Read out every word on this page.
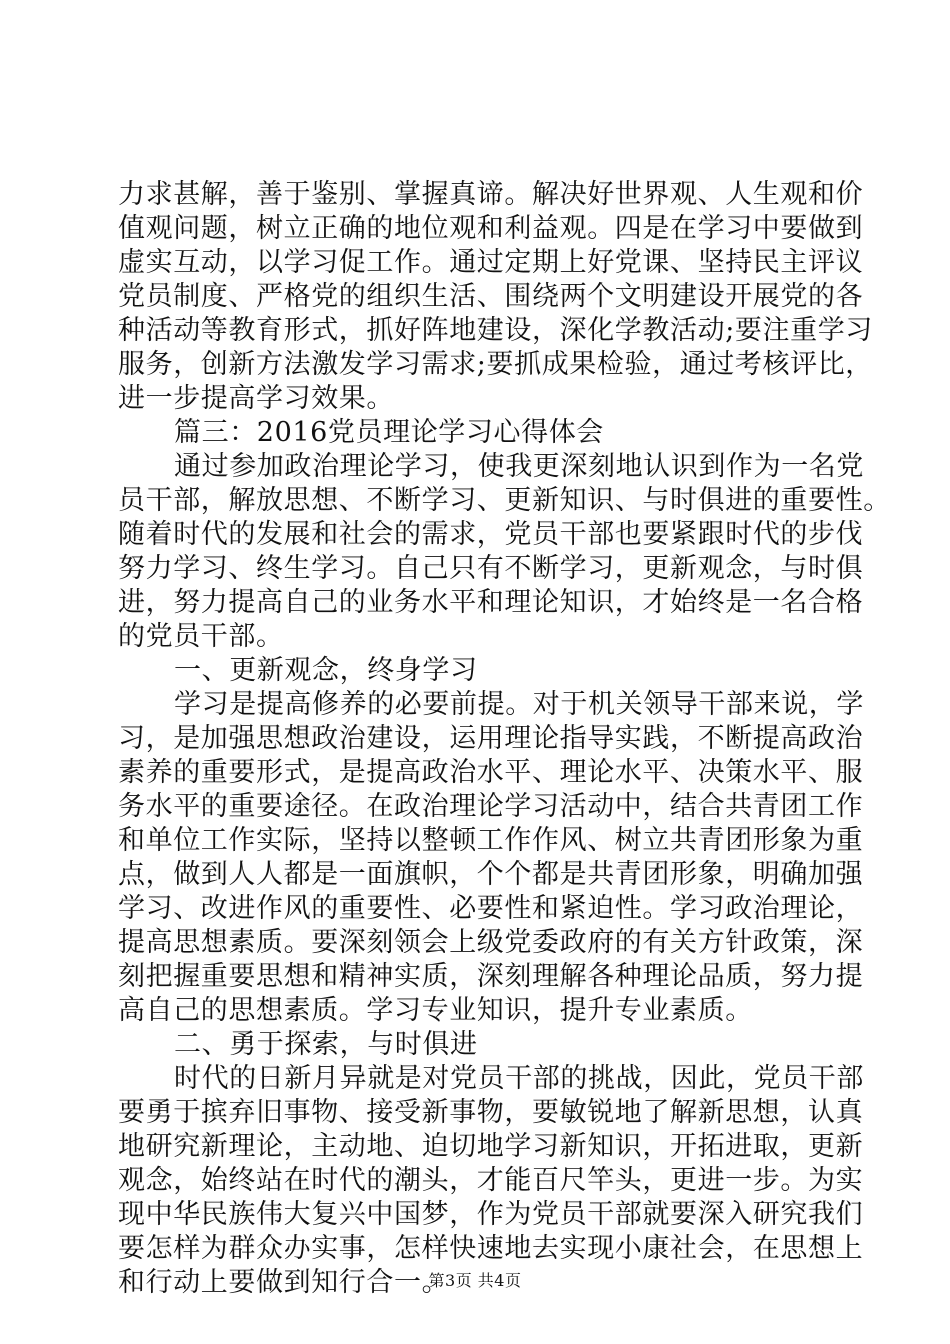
力求甚解，善于鉴别、掌握真谛。解决好世界观、人生观和价
值观问题，树立正确的地位观和利益观。四是在学习中要做到
虚实互动，以学习促工作。通过定期上好党课、坚持民主评议
党员制度、严格党的组织生活、围绕两个文明建设开展党的各
种活动等教育形式，抓好阵地建设，深化学教活动;要注重学习
服务，创新方法激发学习需求;要抓成果检验，通过考核评比，
进一步提高学习效果。
篇三：2016党员理论学习心得体会
通过参加政治理论学习，使我更深刻地认识到作为一名党
员干部，解放思想、不断学习、更新知识、与时俱进的重要性。
随着时代的发展和社会的需求，党员干部也要紧跟时代的步伐
努力学习、终生学习。自己只有不断学习，更新观念，与时俱
进，努力提高自己的业务水平和理论知识，才始终是一名合格
的党员干部。
一、更新观念，终身学习
学习是提高修养的必要前提。对于机关领导干部来说，学
习，是加强思想政治建设，运用理论指导实践，不断提高政治
素养的重要形式，是提高政治水平、理论水平、决策水平、服
务水平的重要途径。在政治理论学习活动中，结合共青团工作
和单位工作实际，坚持以整顿工作作风、树立共青团形象为重
点，做到人人都是一面旗帜，个个都是共青团形象，明确加强
学习、改进作风的重要性、必要性和紧迫性。学习政治理论，
提高思想素质。要深刻领会上级党委政府的有关方针政策，深
刻把握重要思想和精神实质，深刻理解各种理论品质，努力提
高自己的思想素质。学习专业知识，提升专业素质。
二、勇于探索，与时俱进
时代的日新月异就是对党员干部的挑战，因此，党员干部
要勇于摈弃旧事物、接受新事物，要敏锐地了解新思想，认真
地研究新理论，主动地、迫切地学习新知识，开拓进取，更新
观念，始终站在时代的潮头，才能百尺竿头，更进一步。为实
现中华民族伟大复兴中国梦，作为党员干部就要深入研究我们
要怎样为群众办实事，怎样快速地去实现小康社会，在思想上
和行动上要做到知行合一。
第3页 共4页
